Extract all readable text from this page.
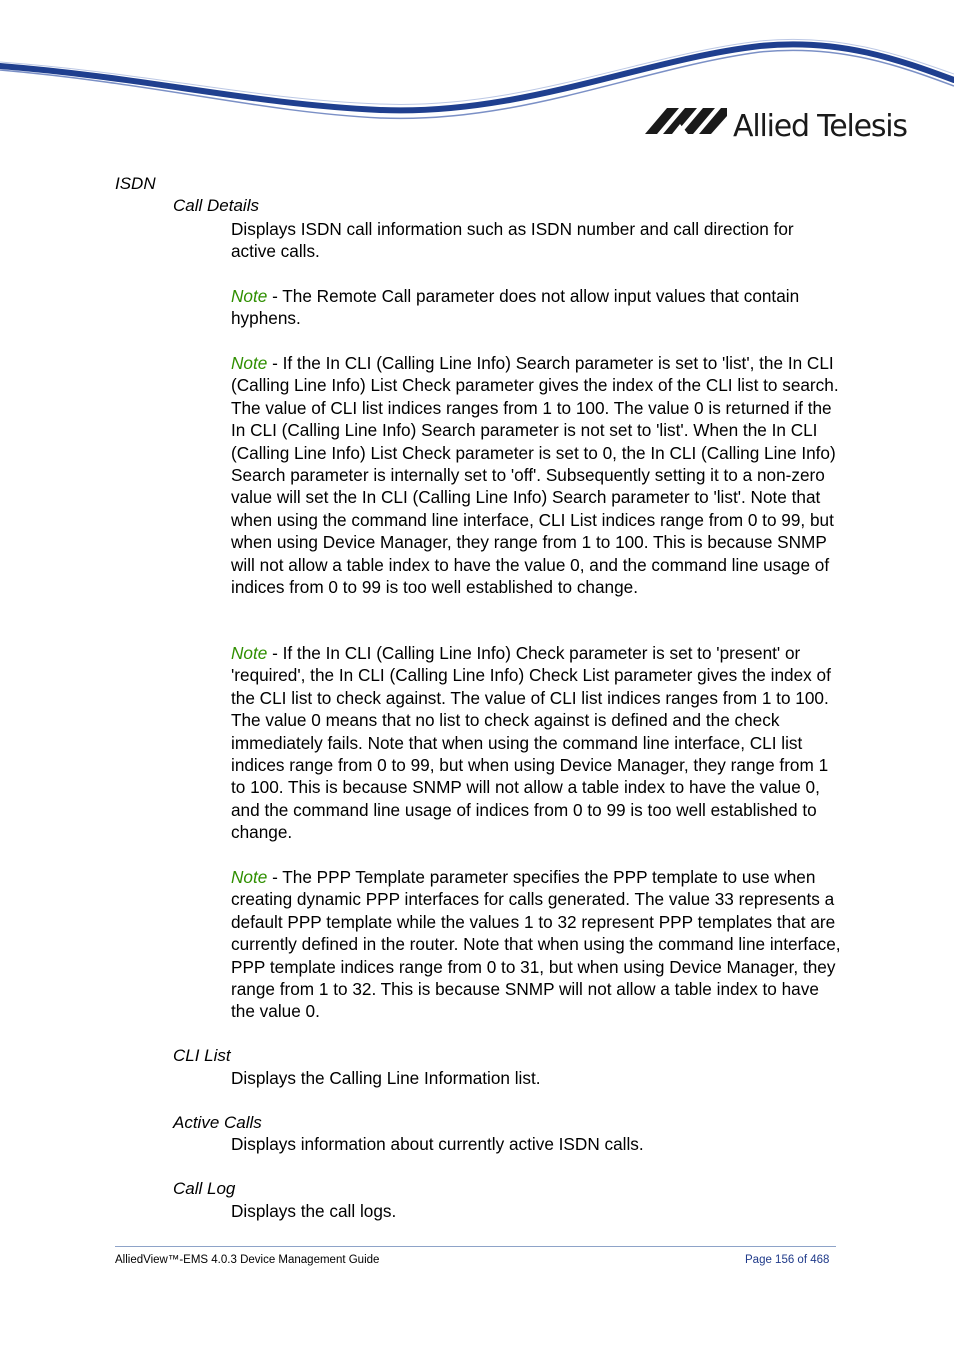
Allied Telesis
ISDN
Call Details

Displays ISDN call information such as ISDN number and call direction for active calls.

Note - The Remote Call parameter does not allow input values that contain hyphens.

Note - If the In CLI (Calling Line Info) Search parameter is set to 'list', the In CLI (Calling Line Info) List Check parameter gives the index of the CLI list to search. The value of CLI list indices ranges from 1 to 100. The value 0 is returned if the In CLI (Calling Line Info) Search parameter is not set to 'list'. When the In CLI (Calling Line Info) List Check parameter is set to 0, the In CLI (Calling Line Info) Search parameter is internally set to 'off'. Subsequently setting it to a non-zero value will set the In CLI (Calling Line Info) Search parameter to 'list'. Note that when using the command line interface, CLI List indices range from 0 to 99, but when using Device Manager, they range from 1 to 100. This is because SNMP will not allow a table index to have the value 0, and the command line usage of indices from 0 to 99 is too well established to change.

Note - If the In CLI (Calling Line Info) Check parameter is set to 'present' or 'required', the In CLI (Calling Line Info) Check List parameter gives the index of the CLI list to check against. The value of CLI list indices ranges from 1 to 100. The value 0 means that no list to check against is defined and the check immediately fails. Note that when using the command line interface, CLI list indices range from 0 to 99, but when using Device Manager, they range from 1 to 100. This is because SNMP will not allow a table index to have the value 0, and the command line usage of indices from 0 to 99 is too well established to change.

Note - The PPP Template parameter specifies the PPP template to use when creating dynamic PPP interfaces for calls generated. The value 33 represents a default PPP template while the values 1 to 32 represent PPP templates that are currently defined in the router. Note that when using the command line interface, PPP template indices range from 0 to 31, but when using Device Manager, they range from 1 to 32. This is because SNMP will not allow a table index to have the value 0.

CLI List

Displays the Calling Line Information list.

Active Calls

Displays information about currently active ISDN calls.

Call Log

Displays the call logs.

AlliedView™-EMS 4.0.3 Device Management Guide	Page 156 of 468
